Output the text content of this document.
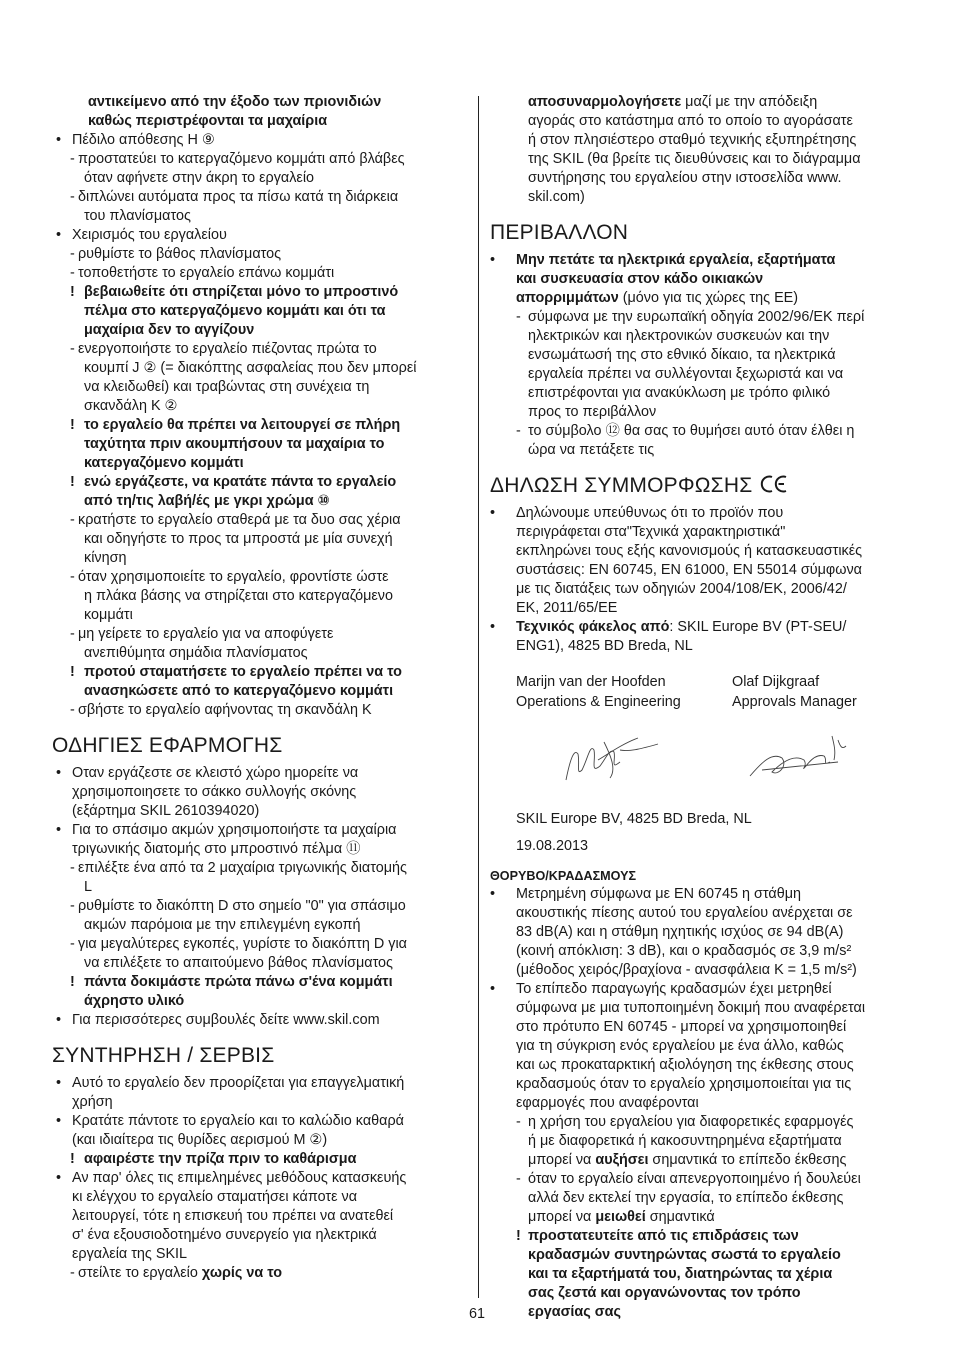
αντικείμενο από την έξοδο των πριονιδιών
καθώς περιστρέφονται τα μαχαίρια
• Πέδιλο απόθεσης H ⑨
- προστατεύει το κατεργαζόμενο κομμάτι από βλάβες
όταν αφήνετε στην άκρη το εργαλείο
- διπλώνει αυτόματα προς τα πίσω κατά τη διάρκεια
του πλανίσματος
• Χειρισμός του εργαλείου
- ρυθμίστε το βάθος πλανίσματος
- τοποθετήστε το εργαλείο επάνω κομμάτι
! βεβαιωθείτε ότι στηρίζεται μόνο το μπροστινό
πέλμα στο κατεργαζόμενο κομμάτι και ότι τα
μαχαίρια δεν το αγγίζουν
- ενεργοποιήστε το εργαλείο πιέζοντας πρώτα το
κουμπί J ② (= διακόπτης ασφαλείας που δεν μπορεί
να κλειδωθεί) και τραβώντας στη συνέχεια τη
σκανδάλη K ②
! το εργαλείο θα πρέπει να λειτουργεί σε πλήρη
ταχύτητα πριν ακουμπήσουν τα μαχαίρια το
κατεργαζόμενο κομμάτι
! ενώ εργάζεστε, να κρατάτε πάντα το εργαλείο
από τη/τις λαβή/ές με γκρι χρώμα ⑩
- κρατήστε το εργαλείο σταθερά με τα δυο σας χέρια
και οδηγήστε το προς τα μπροστά με μία συνεχή
κίνηση
- όταν χρησιμοποιείτε το εργαλείο, φροντίστε ώστε
η πλάκα βάσης να στηρίζεται στο κατεργαζόμενο
κομμάτι
- μη γείρετε το εργαλείο για να αποφύγετε
ανεπιθύμητα σημάδια πλανίσματος
! προτού σταματήσετε το εργαλείο πρέπει να το
ανασηκώσετε από το κατεργαζόμενο κομμάτι
- σβήστε το εργαλείο αφήνοντας τη σκανδάλη K
ΟΔΗΓΙΕΣ ΕΦΑΡΜΟΓΗΣ
• Οταν εργάζεστε σε κλειστό χώρο ημορείτε να
χρησιμοποιησετε το σάκκο συλλογής σκόνης
(εξάρτημα SKIL 2610394020)
• Για το σπάσιμο ακμών χρησιμοποιήστε τα μαχαίρια
τριγωνικής διατομής στο μπροστινό πέλμα ⑪
- επιλέξτε ένα από τα 2 μαχαίρια τριγωνικής διατομής
L
- ρυθμίστε το διακόπτη D στο σημείο "0" για σπάσιμο
ακμών παρόμοια με την επιλεγμένη εγκοπή
- για μεγαλύτερες εγκοπές, γυρίστε το διακόπτη D για
να επιλέξετε το απαιτούμενο βάθος πλανίσματος
! πάντα δοκιμάστε πρώτα πάνω σ'ένα κομμάτι
άχρηστο υλικό
• Για περισσότερες συμβουλές δείτε www.skil.com
ΣΥΝΤΗΡΗΣΗ / ΣΕΡΒΙΣ
• Αυτό το εργαλείο δεν προορίζεται για επαγγελματική
χρήση
• Κρατάτε πάντοτε το εργαλείο και το καλώδιο καθαρά
(και ιδιαίτερα τις θυρίδες αερισμού M ②)
! αφαιρέστε την πρίζα πριν το καθάρισμα
• Αν παρ' όλες τις επιμελημένες μεθόδους κατασκευής
κι ελέγχου το εργαλείο σταματήσει κάποτε να
λειτουργεί, τότε η επισκευή του πρέπει να ανατεθεί
σ' ένα εξουσιοδοτημένο συνεργείο για ηλεκτρικά
εργαλεία της SKIL
- στείλτε το εργαλείο χωρίς να το
αποσυναρμολογήσετε μαζί με την απόδειξη
αγοράς στο κατάστημα από το οποίο το αγοράσατε
ή στον πλησιέστερο σταθμό τεχνικής εξυπηρέτησης
της SKIL (θα βρείτε τις διευθύνσεις και το διάγραμμα
συντήρησης του εργαλείου στην ιστοσελίδα www.
skil.com)
ΠΕΡΙΒΑΛΛΟΝ
•	Μην πετάτε τα ηλεκτρικά εργαλεία, εξαρτήματα
και συσκευασία στον κάδο οικιακών
απορριμμάτων (μόνο για τις χώρες της ΕΕ)
- σύμφωνα με την ευρωπαϊκή οδηγία 2002/96/ΕΚ περί
ηλεκτρικών και ηλεκτρονικών συσκευών και την
ενσωμάτωσή της στο εθνικό δίκαιο, τα ηλεκτρικά
εργαλεία πρέπει να συλλέγονται ξεχωριστά και να
επιστρέφονται για ανακύκλωση με τρόπο φιλικό
προς το περιβάλλον
- το σύμβολο ⑫ θα σας το θυμήσει αυτό όταν έλθει η
ώρα να πετάξετε τις
ΔΗΛΩΣΗ ΣΥΜΜΟΡΦΩΣΗΣ
•	Δηλώνουμε υπεύθυνως ότι το προϊόν που
περιγράφεται στα"Τεχνικά χαρακτηριστικά"
εκπληρώνει τους εξής κανονισμούς ή κατασκευαστικές
συστάσεις: EN 60745, EN 61000, EN 55014 σύμφωνα
με τις διατάξεις των οδηγιών 2004/108/ΕΚ, 2006/42/
ΕΚ, 2011/65/ΕΕ
•	Τεχνικός φάκελος από: SKIL Europe BV (PT-SEU/
ENG1), 4825 BD Breda, NL
Marijn van der Hoofden
Operations & Engineering
Olaf Dijkgraaf
Approvals Manager
SKIL Europe BV, 4825 BD Breda, NL
19.08.2013
ΘΟΡΥΒΟ/ΚΡΑΔΑΣΜΟΥΣ
•	Μετρημένη σύμφωνα με EN 60745 η στάθμη
ακουστικής πίεσης αυτού του εργαλείου ανέρχεται σε
83 dB(A) και η στάθμη ηχητικής ισχύος σε 94 dB(A)
(κοινή απόκλιση: 3 dB), και ο κραδασμός σε 3,9 m/s²
(μέθοδος χειρός/βραχίονα - ανασφάλεια K = 1,5 m/s²)
•	Το επίπεδο παραγωγής κραδασμών έχει μετρηθεί
σύμφωνα με μια τυποποιημένη δοκιμή που αναφέρεται
στο πρότυπο EN 60745 - μπορεί να χρησιμοποιηθεί
για τη σύγκριση ενός εργαλείου με ένα άλλο, καθώς
και ως προκαταρκτική αξιολόγηση της έκθεσης στους
κραδασμούς όταν το εργαλείο χρησιμοποιείται για τις
εφαρμογές που αναφέρονται
- η χρήση του εργαλείου για διαφορετικές εφαρμογές
ή με διαφορετικά ή κακοσυντηρημένα εξαρτήματα
μπορεί να αυξήσει σημαντικά το επίπεδο έκθεσης
- όταν το εργαλείο είναι απενεργοποιημένο ή δουλεύει
αλλά δεν εκτελεί την εργασία, το επίπεδο έκθεσης
μπορεί να μειωθεί σημαντικά
! προστατευτείτε από τις επιδράσεις των
κραδασμών συντηρώντας σωστά το εργαλείο
και τα εξαρτήματά του, διατηρώντας τα χέρια
σας ζεστά και οργανώνοντας τον τρόπο
εργασίας σας
61
